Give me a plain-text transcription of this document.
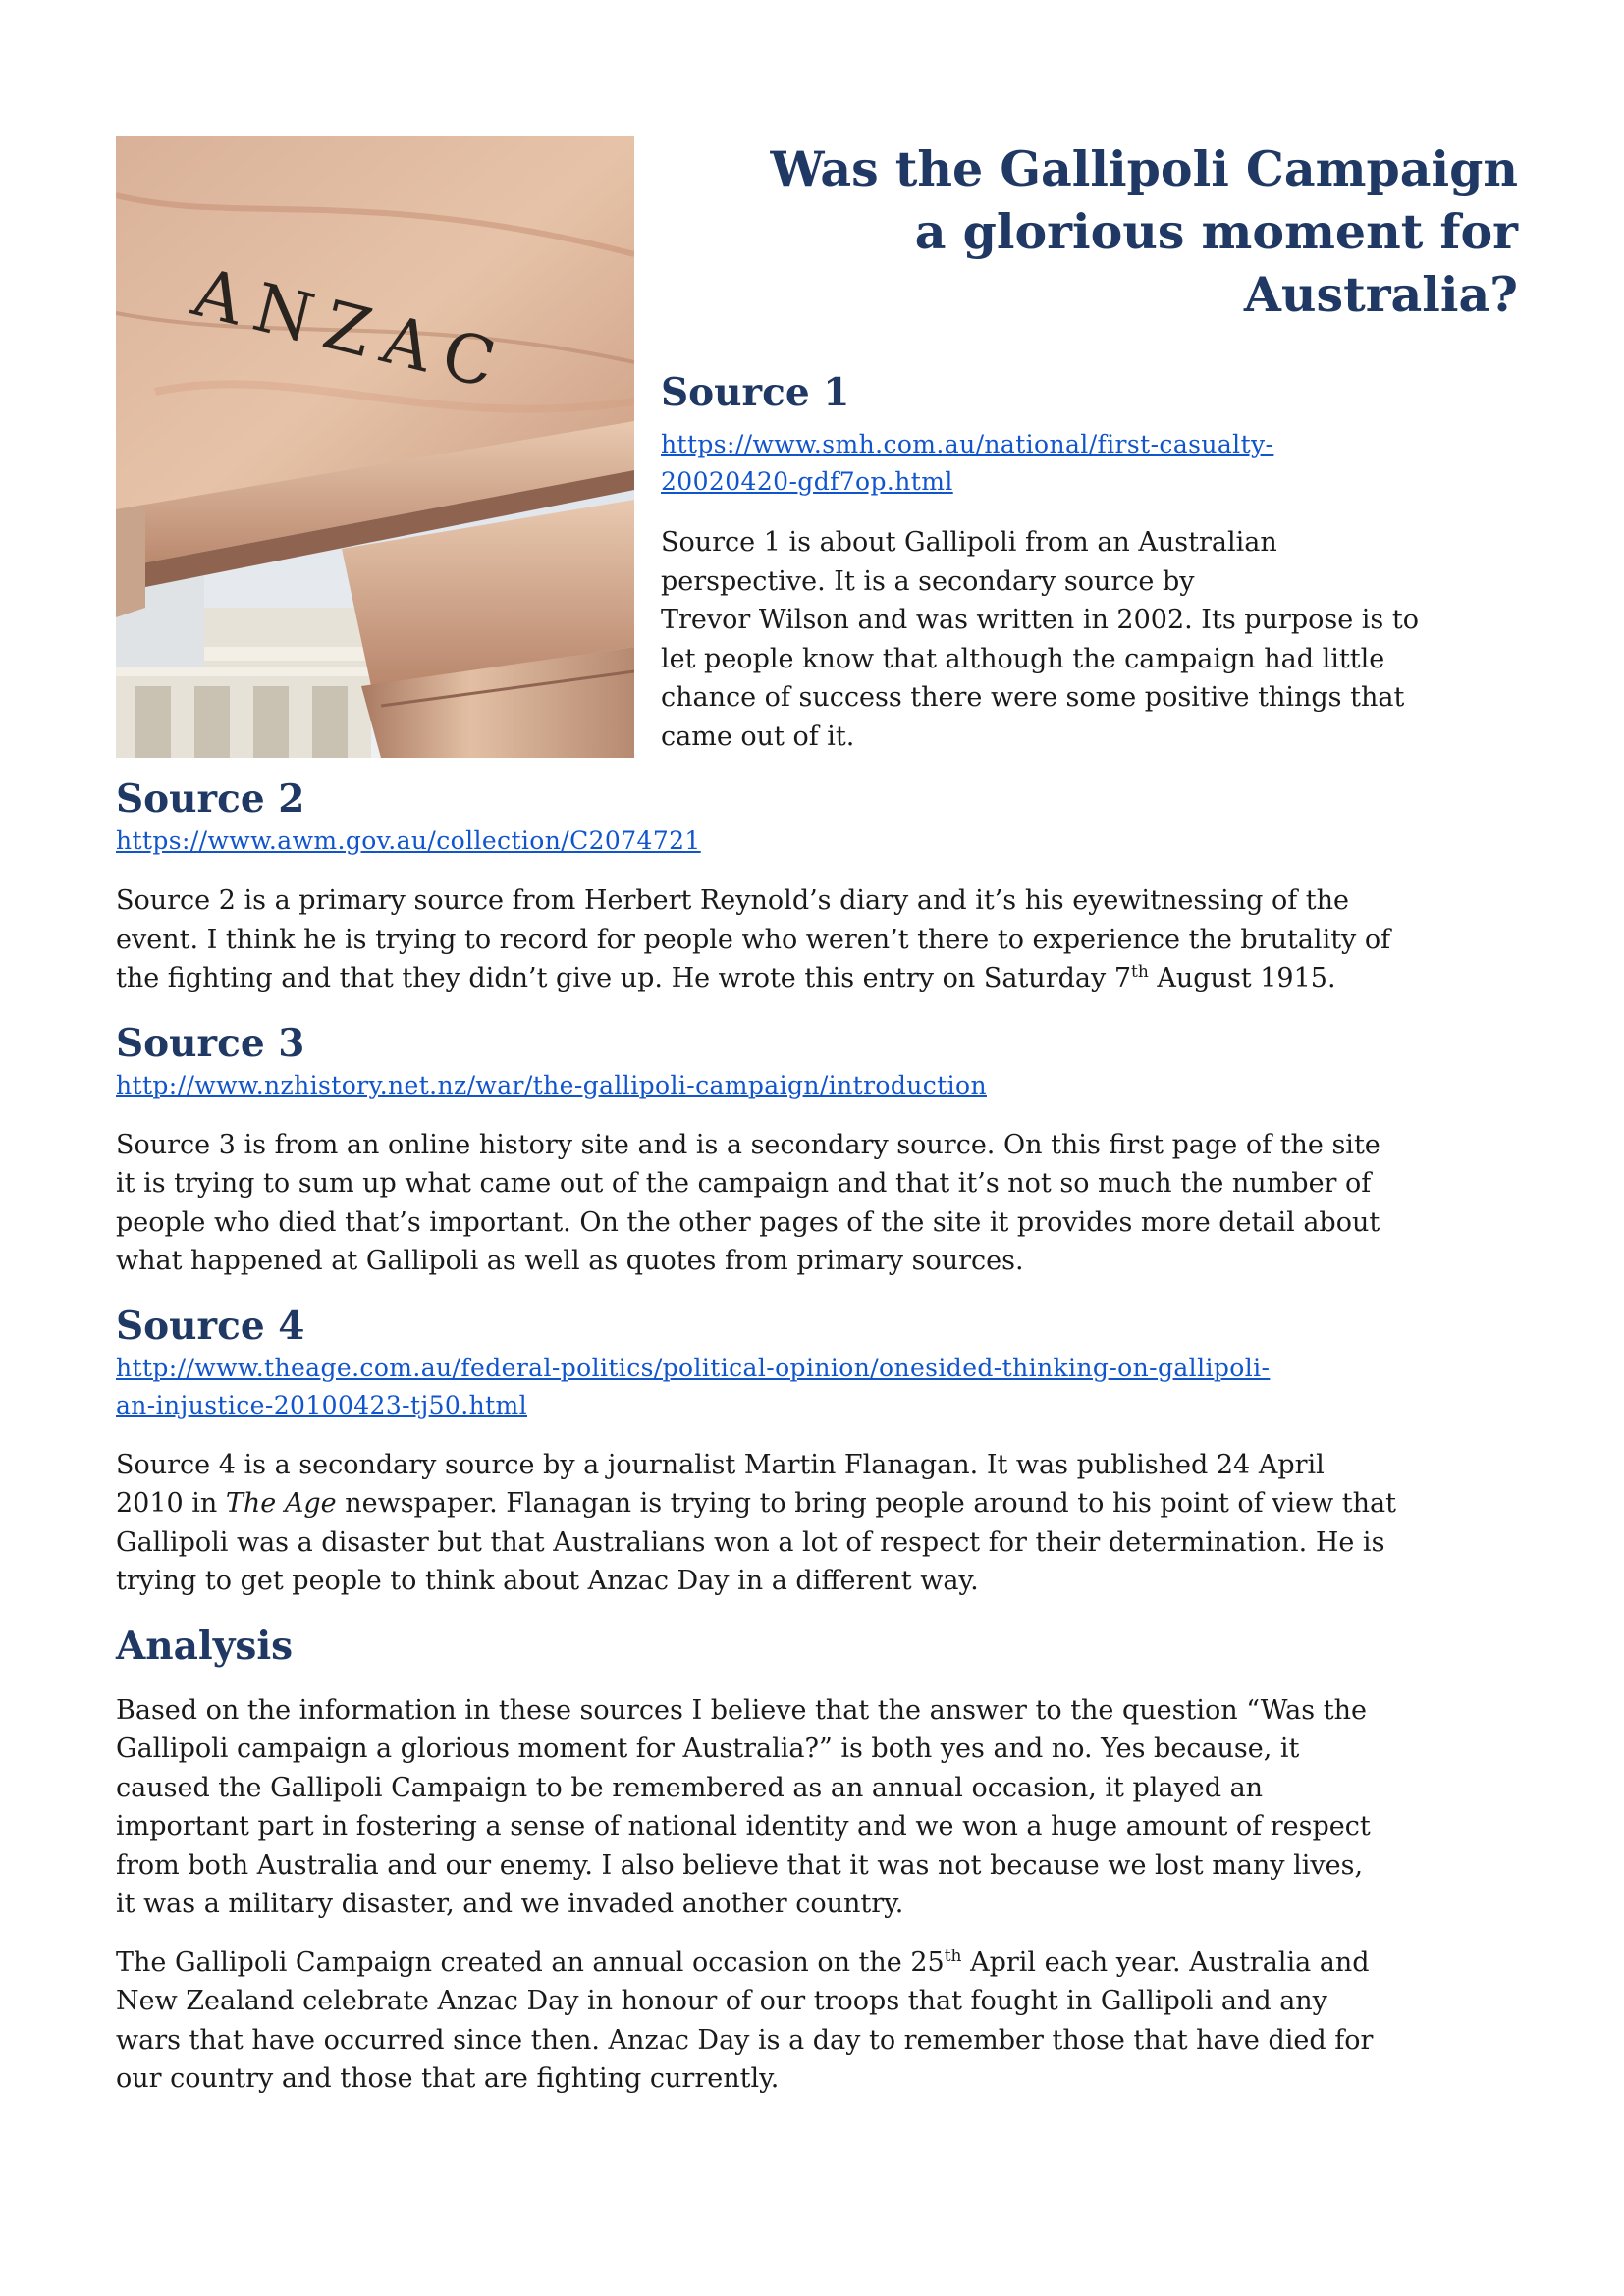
ANZAC
Was the Gallipoli Campaign
a glorious moment for
Australia?
Source 1
https://www.smh.com.au/national/first-casualty-
20020420-gdf7op.html

Source 1 is about Gallipoli from an Australian
perspective. It is a secondary source by
Trevor Wilson and was written in 2002. Its purpose is to
let people know that although the campaign had little
chance of success there were some positive things that
came out of it.

Source 2
https://www.awm.gov.au/collection/C2074721

Source 2 is a primary source from Herbert Reynold’s diary and it’s his eyewitnessing of the
event. I think he is trying to record for people who weren’t there to experience the brutality of
the fighting and that they didn’t give up. He wrote this entry on Saturday 7th August 1915.

Source 3
http://www.nzhistory.net.nz/war/the-gallipoli-campaign/introduction

Source 3 is from an online history site and is a secondary source. On this first page of the site
it is trying to sum up what came out of the campaign and that it’s not so much the number of
people who died that’s important. On the other pages of the site it provides more detail about
what happened at Gallipoli as well as quotes from primary sources.

Source 4
http://www.theage.com.au/federal-politics/political-opinion/onesided-thinking-on-gallipoli-
an-injustice-20100423-tj50.html

Source 4 is a secondary source by a journalist Martin Flanagan. It was published 24 April
2010 in The Age newspaper. Flanagan is trying to bring people around to his point of view that
Gallipoli was a disaster but that Australians won a lot of respect for their determination. He is
trying to get people to think about Anzac Day in a different way.

Analysis

Based on the information in these sources I believe that the answer to the question “Was the
Gallipoli campaign a glorious moment for Australia?” is both yes and no. Yes because, it
caused the Gallipoli Campaign to be remembered as an annual occasion, it played an
important part in fostering a sense of national identity and we won a huge amount of respect
from both Australia and our enemy. I also believe that it was not because we lost many lives,
it was a military disaster, and we invaded another country.

The Gallipoli Campaign created an annual occasion on the 25th April each year. Australia and
New Zealand celebrate Anzac Day in honour of our troops that fought in Gallipoli and any
wars that have occurred since then. Anzac Day is a day to remember those that have died for
our country and those that are fighting currently.
